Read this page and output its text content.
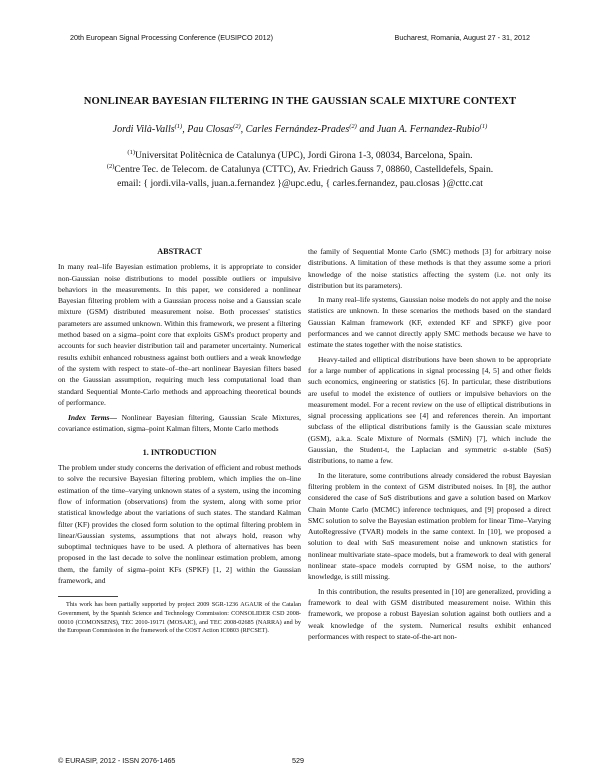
20th European Signal Processing Conference (EUSIPCO 2012)	Bucharest, Romania, August 27 - 31, 2012
NONLINEAR BAYESIAN FILTERING IN THE GAUSSIAN SCALE MIXTURE CONTEXT
Jordi Vilà-Valls$^{(1)}$, Pau Closas$^{(2)}$, Carles Fernández-Prades$^{(2)}$ and Juan A. Fernandez-Rubio$^{(1)}$
$^{(1)}$Universitat Politècnica de Catalunya (UPC), Jordi Girona 1-3, 08034, Barcelona, Spain.
$^{(2)}$Centre Tec. de Telecom. de Catalunya (CTTC), Av. Friedrich Gauss 7, 08860, Castelldefels, Spain.
email: { jordi.vila-valls, juan.a.fernandez }@upc.edu, { carles.fernandez, pau.closas }@cttc.cat
ABSTRACT

In many real–life Bayesian estimation problems, it is appropriate to consider non-Gaussian noise distributions to model possible outliers or impulsive behaviors in the measurements. In this paper, we considered a nonlinear Bayesian filtering problem with a Gaussian process noise and a Gaussian scale mixture (GSM) distributed measurement noise. Both processes' statistics parameters are assumed unknown. Within this framework, we present a filtering method based on a sigma–point core that exploits GSM's product property and accounts for such heavier distribution tail and parameter uncertainty. Numerical results exhibit enhanced robustness against both outliers and a weak knowledge of the system with respect to state–of–the–art nonlinear Bayesian filters based on the Gaussian assumption, requiring much less computational load than standard Sequential Monte-Carlo methods and approaching theoretical bounds of performance.

Index Terms— Nonlinear Bayesian filtering, Gaussian Scale Mixtures, covariance estimation, sigma–point Kalman filters, Monte Carlo methods

1. INTRODUCTION

The problem under study concerns the derivation of efficient and robust methods to solve the recursive Bayesian filtering problem, which implies the on–line estimation of the time–varying unknown states of a system, using the incoming flow of information (observations) from the system, along with some prior statistical knowledge about the variations of such states. The standard Kalman filter (KF) provides the closed form solution to the optimal filtering problem in linear/Gaussian systems, assumptions that not always hold, reason why suboptimal techniques have to be used. A plethora of alternatives has been proposed in the last decade to solve the nonlinear estimation problem, among them, the family of sigma–point KFs (SPKF) [1, 2] within the Gaussian framework, and

This work has been partially supported by project 2009 SGR-1236 AGAUR of the Catalan Government, by the Spanish Science and Technology Commission: CONSOLIDER CSD 2008-00010 (COMONSENS), TEC 2010-19171 (MOSAIC), and TEC 2008-02685 (NARRA) and by the European Commission in the framework of the COST Action IC0803 (RFCSET).

the family of Sequential Monte Carlo (SMC) methods [3] for arbitrary noise distributions. A limitation of these methods is that they assume some a priori knowledge of the noise statistics affecting the system (i.e. not only its distribution but its parameters).

In many real–life systems, Gaussian noise models do not apply and the noise statistics are unknown. In these scenarios the methods based on the standard Gaussian Kalman framework (KF, extended KF and SPKF) give poor performances and we cannot directly apply SMC methods because we have to estimate the states together with the noise statistics.

Heavy-tailed and elliptical distributions have been shown to be appropriate for a large number of applications in signal processing [4, 5] and other fields such economics, engineering or statistics [6]. In particular, these distributions are useful to model the existence of outliers or impulsive behaviors on the measurement model. For a recent review on the use of elliptical distributions in signal processing applications see [4] and references therein. An important subclass of the elliptical distributions family is the Gaussian scale mixtures (GSM), a.k.a. Scale Mixture of Normals (SMiN) [7], which include the Gaussian, the Student-t, the Laplacian and symmetric α-stable (SαS) distributions, to name a few.

In the literature, some contributions already considered the robust Bayesian filtering problem in the context of GSM distributed noises. In [8], the author considered the case of SαS distributions and gave a solution based on Markov Chain Monte Carlo (MCMC) inference techniques, and [9] proposed a direct SMC solution to solve the Bayesian estimation problem for linear Time–Varying AutoRegressive (TVAR) models in the same context. In [10], we proposed a solution to deal with SαS measurement noise and unknown statistics for nonlinear multivariate state–space models, but a framework to deal with general nonlinear state–space models corrupted by GSM noise, to the authors' knowledge, is still missing.

In this contribution, the results presented in [10] are generalized, providing a framework to deal with GSM distributed measurement noise. Within this framework, we propose a robust Bayesian solution against both outliers and a weak knowledge of the system. Numerical results exhibit enhanced performances with respect to state-of-the-art non-

© EURASIP, 2012 - ISSN 2076-1465	529
